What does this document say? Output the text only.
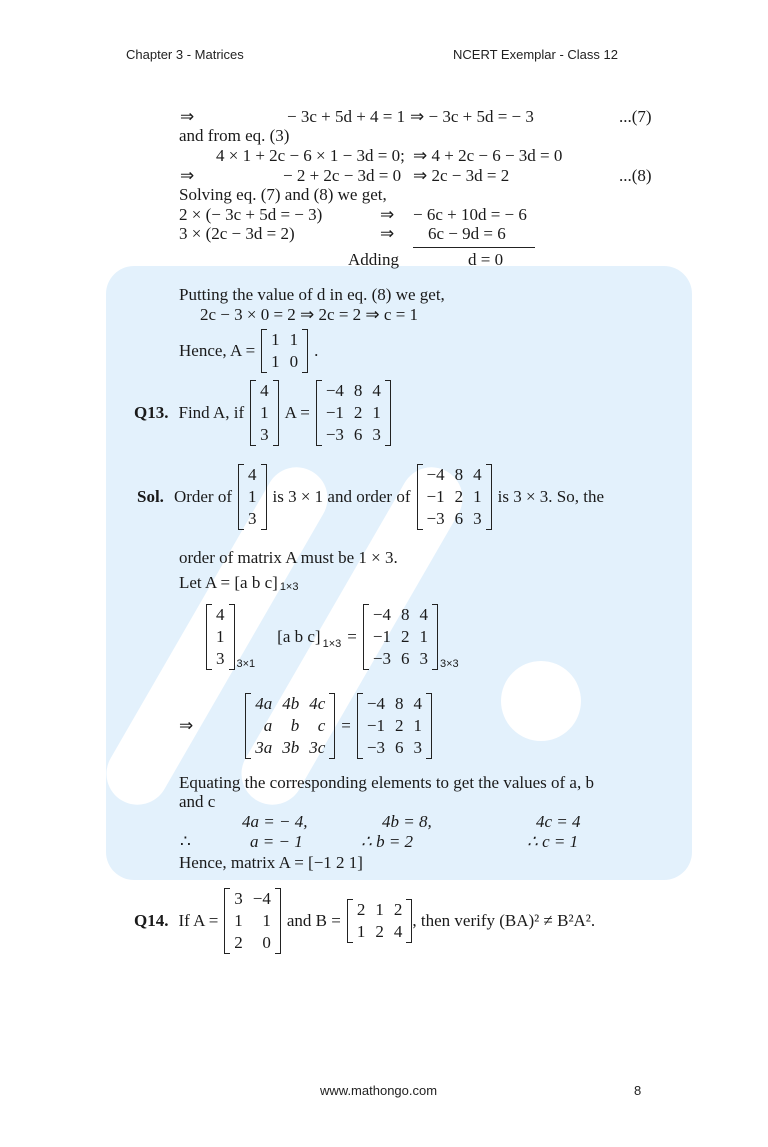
Chapter 3 - Matrices	NCERT Exemplar - Class 12
⇒	− 3c + 5d + 4 = 1 ⇒ − 3c + 5d = − 3	...(7)
and from eq. (3)
4 × 1 + 2c − 6 × 1 − 3d = 0; ⇒ 4 + 2c − 6 − 3d = 0
⇒	− 2 + 2c − 3d = 0 ⇒ 2c − 3d = 2	...(8)
Solving eq. (7) and (8) we get,
2 × (− 3c + 5d = − 3)	⇒ − 6c + 10d = − 6
3 × (2c − 3d = 2)	⇒ 6c − 9d = 6
Adding	d = 0
Putting the value of d in eq. (8) we get,
2c − 3 × 0 = 2 ⇒ 2c = 2 ⇒ c = 1
Hence, A =
1	1
1	0
.
Q13. Find A, if
4
1
3
A =
−4	8	4
−1	2	1
−3	6	3
Sol. Order of
4
1
3
is 3 × 1 and order of
−4	8	4
−1	2	1
−3	6	3
is 3 × 3. So, the
order of matrix A must be 1 × 3.
Let A = [a b c] 1×3
4
1
3 3×1
[a b c] 1×3 =
−4	8	4
−1	2	1
−3	6	3 3×3
⇒
4a	4b	4c
a	b	c
3a	3b	3c
=
−4	8	4
−1	2	1
−3	6	3
Equating the corresponding elements to get the values of a, b
and c
4a = − 4,	4b = 8,	4c = 4
∴	a = − 1	∴ b = 2	∴ c = 1
Hence, matrix A = [−1 2 1]
Q14. If A =
3	−4
1	1
2	0
and B =
2	1	2
1	2	4
, then verify (BA)² ≠ B²A².
www.mathongo.com	8
